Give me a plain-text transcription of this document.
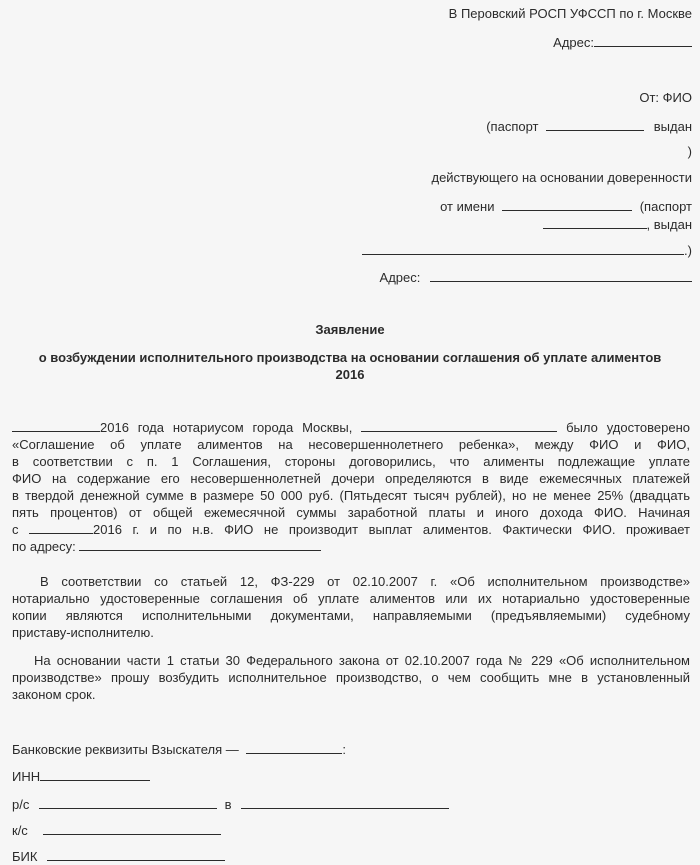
В Перовский РОСП УФССП по г. Москве
Адрес:
От: ФИО
(паспорт	выдан
)
действующего на основании доверенности
от имени	(паспорт
, выдан
.)
Адрес:
Заявление
о возбуждении исполнительного производства на основании соглашения об уплате алиментов
2016
2016 года нотариусом города Москвы,	было удостоверено
«Соглашение об уплате алиментов на несовершеннолетнего ребенка», между ФИО и ФИО,
в соответствии с п. 1 Соглашения, стороны договорились, что алименты подлежащие уплате
ФИО на содержание его несовершеннолетней дочери определяются в виде ежемесячных платежей
в твердой денежной сумме в размере 50 000 руб. (Пятьдесят тысяч рублей), но не менее 25% (двадцать
пять процентов) от общей ежемесячной суммы заработной платы и иного дохода ФИО. Начиная
с	2016 г. и по н.в. ФИО не производит выплат алиментов. Фактически ФИО. проживает
по адресу:
В соответствии со статьей 12, ФЗ-229 от 02.10.2007 г. «Об исполнительном производстве»
нотариально удостоверенные соглашения об уплате алиментов или их нотариально удостоверенные
копии являются исполнительными документами, направляемыми (предъявляемыми) судебному
приставу-исполнителю.
На основании части 1 статьи 30 Федерального закона от 02.10.2007 года № 229 «Об исполнительном
производстве» прошу возбудить исполнительное производство, о чем сообщить мне в установленный
законом срок.
Банковские реквизиты Взыскателя —	:
ИНН
р/с	в
к/с
БИК
